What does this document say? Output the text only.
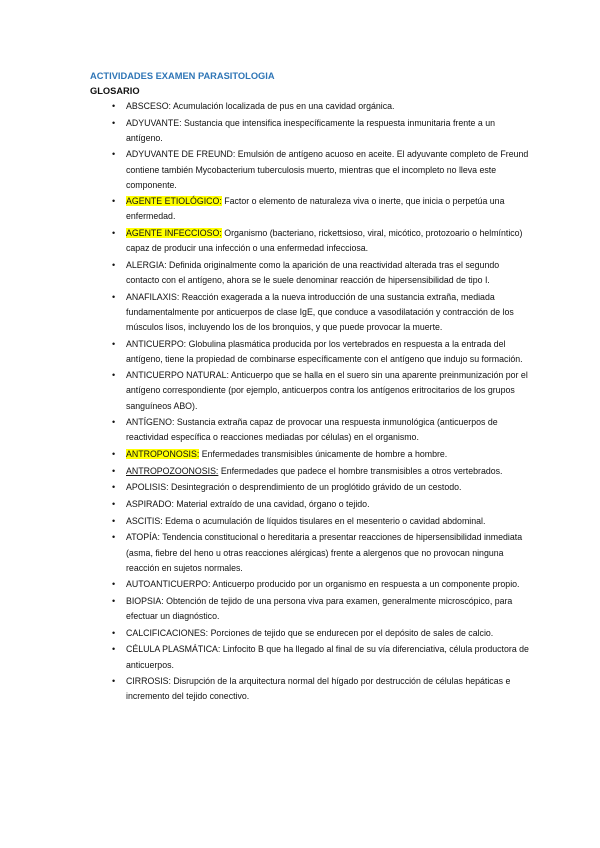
ACTIVIDADES EXAMEN PARASITOLOGIA
GLOSARIO
• ABSCESO: Acumulación localizada de pus en una cavidad orgánica.
• ADYUVANTE: Sustancia que intensifica inespecíficamente la respuesta inmunitaria frente a un antígeno.
• ADYUVANTE DE FREUND: Emulsión de antígeno acuoso en aceite. El adyuvante completo de Freund contiene también Mycobacterium tuberculosis muerto, mientras que el incompleto no lleva este componente.
• AGENTE ETIOLÓGICO: Factor o elemento de naturaleza viva o inerte, que inicia o perpetúa una enfermedad.
• AGENTE INFECCIOSO: Organismo (bacteriano, rickettsioso, viral, micótico, protozoario o helmíntico) capaz de producir una infección o una enfermedad infecciosa.
• ALERGIA: Definida originalmente como la aparición de una reactividad alterada tras el segundo contacto con el antígeno, ahora se le suele denominar reacción de hipersensibilidad de tipo I.
• ANAFILAXIS: Reacción exagerada a la nueva introducción de una sustancia extraña, mediada fundamentalmente por anticuerpos de clase IgE, que conduce a vasodilatación y contracción de los músculos lisos, incluyendo los de los bronquios, y que puede provocar la muerte.
• ANTICUERPO: Globulina plasmática producida por los vertebrados en respuesta a la entrada del antígeno, tiene la propiedad de combinarse específicamente con el antígeno que indujo su formación.
• ANTICUERPO NATURAL: Anticuerpo que se halla en el suero sin una aparente preinmunización por el antígeno correspondiente (por ejemplo, anticuerpos contra los antígenos eritrocitarios de los grupos sanguíneos ABO).
• ANTÍGENO: Sustancia extraña capaz de provocar una respuesta inmunológica (anticuerpos de reactividad específica o reacciones mediadas por células) en el organismo.
• ANTROPONOSIS: Enfermedades transmisibles únicamente de hombre a hombre.
• ANTROPOZOONOSIS: Enfermedades que padece el hombre transmisibles a otros vertebrados.
• APOLISIS: Desintegración o desprendimiento de un proglótido grávido de un cestodo.
• ASPIRADO: Material extraído de una cavidad, órgano o tejido.
• ASCITIS: Edema o acumulación de líquidos tisulares en el mesenterio o cavidad abdominal.
• ATOPÍA: Tendencia constitucional o hereditaria a presentar reacciones de hipersensibilidad inmediata (asma, fiebre del heno u otras reacciones alérgicas) frente a alergenos que no provocan ninguna reacción en sujetos normales.
• AUTOANTICUERPO: Anticuerpo producido por un organismo en respuesta a un componente propio.
• BIOPSIA: Obtención de tejido de una persona viva para examen, generalmente microscópico, para efectuar un diagnóstico.
• CALCIFICACIONES: Porciones de tejido que se endurecen por el depósito de sales de calcio.
• CÉLULA PLASMÁTICA: Linfocito B que ha llegado al final de su vía diferenciativa, célula productora de anticuerpos.
• CIRROSIS: Disrupción de la arquitectura normal del hígado por destrucción de células hepáticas e incremento del tejido conectivo.
